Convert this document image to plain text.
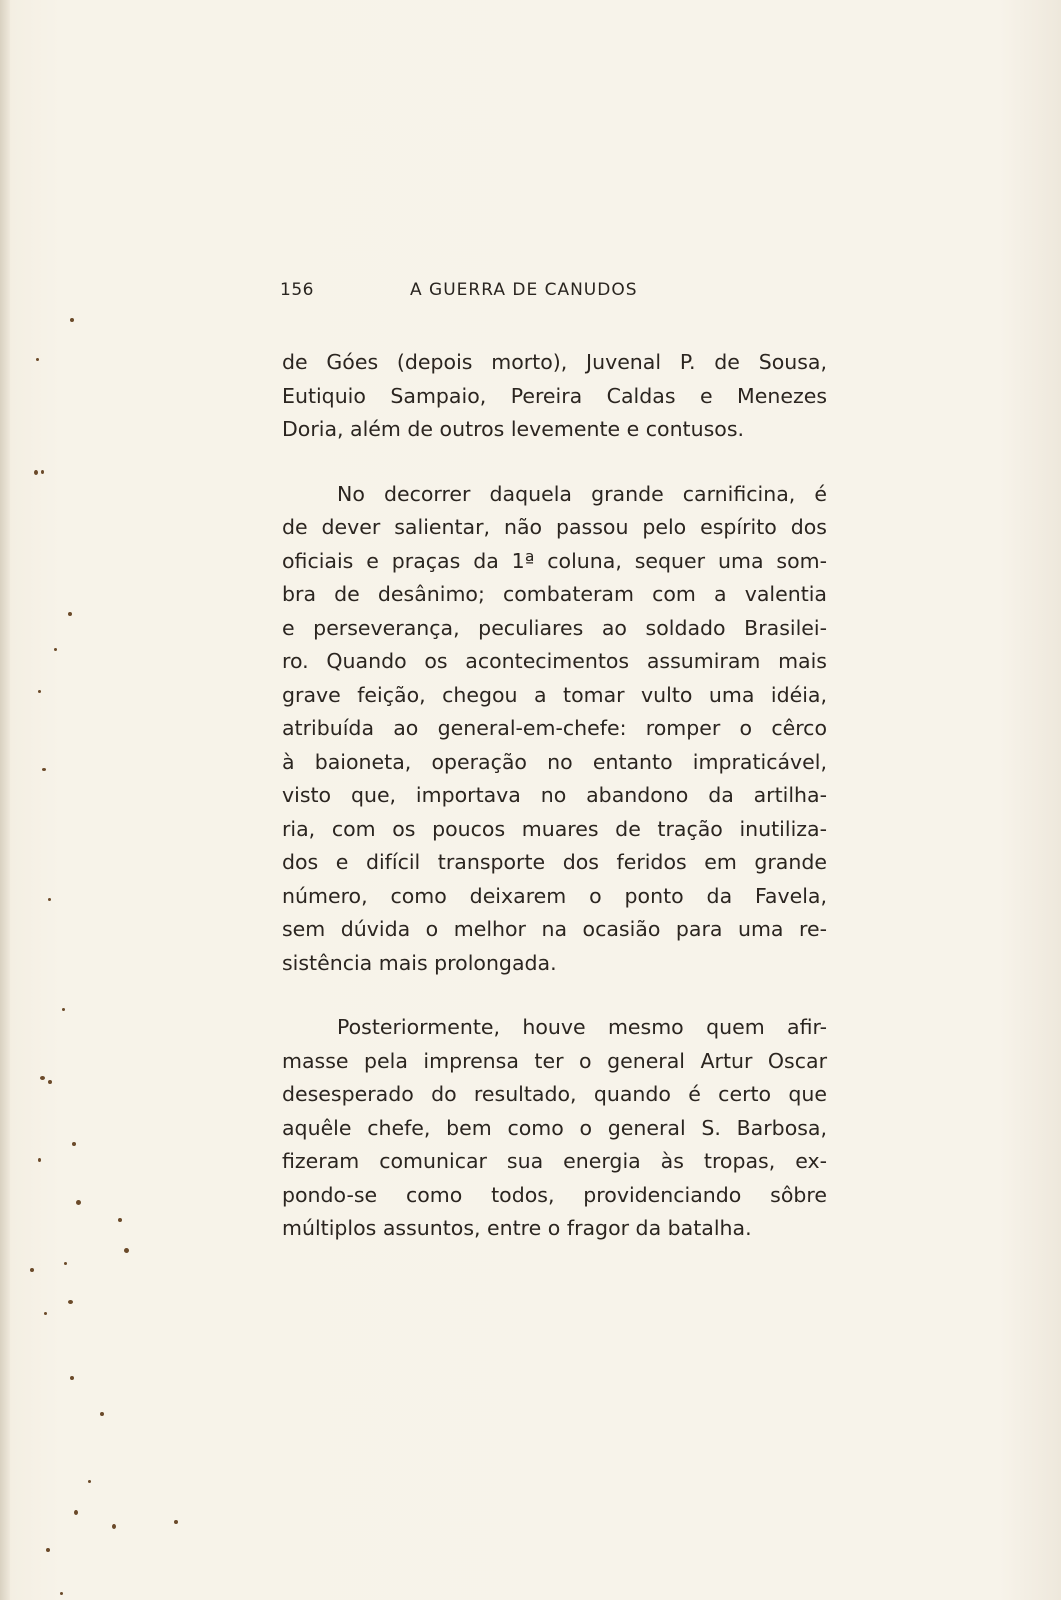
156	A GUERRA DE CANUDOS
de Góes (depois morto), Juvenal P. de Sousa,
Eutiquio Sampaio, Pereira Caldas e Menezes
Doria, além de outros levemente e contusos.
No decorrer daquela grande carnificina, é
de dever salientar, não passou pelo espírito dos
oficiais e praças da 1ª coluna, sequer uma som-
bra de desânimo; combateram com a valentia
e perseverança, peculiares ao soldado Brasilei-
ro. Quando os acontecimentos assumiram mais
grave feição, chegou a tomar vulto uma idéia,
atribuída ao general-em-chefe: romper o cêrco
à baioneta, operação no entanto impraticável,
visto que, importava no abandono da artilha-
ria, com os poucos muares de tração inutiliza-
dos e difícil transporte dos feridos em grande
número, como deixarem o ponto da Favela,
sem dúvida o melhor na ocasião para uma re-
sistência mais prolongada.
Posteriormente, houve mesmo quem afir-
masse pela imprensa ter o general Artur Oscar
desesperado do resultado, quando é certo que
aquêle chefe, bem como o general S. Barbosa,
fizeram comunicar sua energia às tropas, ex-
pondo-se como todos, providenciando sôbre
múltiplos assuntos, entre o fragor da batalha.
